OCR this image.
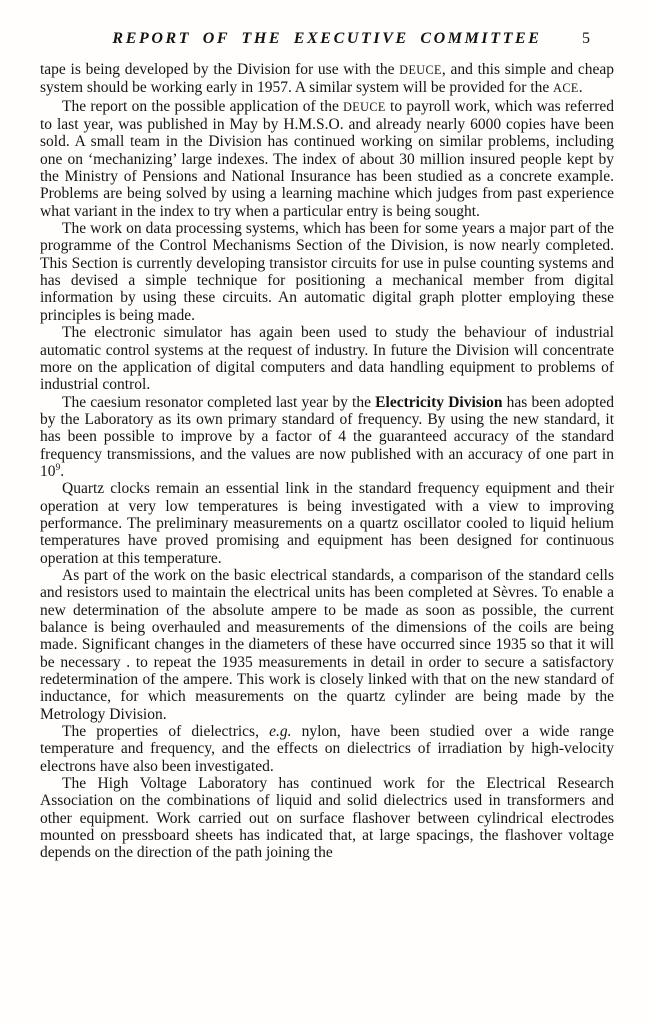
REPORT OF THE EXECUTIVE COMMITTEE	5

tape is being developed by the Division for use with the DEUCE, and this simple and cheap system should be working early in 1957. A similar system will be provided for the ACE.

The report on the possible application of the DEUCE to payroll work, which was referred to last year, was published in May by H.M.S.O. and already nearly 6000 copies have been sold. A small team in the Division has continued working on similar problems, including one on ‘mechanizing’ large indexes. The index of about 30 million insured people kept by the Ministry of Pensions and National Insurance has been studied as a concrete example. Problems are being solved by using a learning machine which judges from past experience what variant in the index to try when a particular entry is being sought.

The work on data processing systems, which has been for some years a major part of the programme of the Control Mechanisms Section of the Division, is now nearly completed. This Section is currently developing transistor circuits for use in pulse counting systems and has devised a simple technique for positioning a mechanical member from digital information by using these circuits. An automatic digital graph plotter employing these principles is being made.

The electronic simulator has again been used to study the behaviour of industrial automatic control systems at the request of industry. In future the Division will concentrate more on the application of digital computers and data handling equipment to problems of industrial control.

The caesium resonator completed last year by the Electricity Division has been adopted by the Laboratory as its own primary standard of frequency. By using the new standard, it has been possible to improve by a factor of 4 the guaranteed accuracy of the standard frequency transmissions, and the values are now published with an accuracy of one part in $10^9$.

Quartz clocks remain an essential link in the standard frequency equipment and their operation at very low temperatures is being investigated with a view to improving performance. The preliminary measurements on a quartz oscillator cooled to liquid helium temperatures have proved promising and equipment has been designed for continuous operation at this temperature.

As part of the work on the basic electrical standards, a comparison of the standard cells and resistors used to maintain the electrical units has been completed at Sèvres. To enable a new determination of the absolute ampere to be made as soon as possible, the current balance is being overhauled and measurements of the dimensions of the coils are being made. Significant changes in the diameters of these have occurred since 1935 so that it will be necessary . to repeat the 1935 measurements in detail in order to secure a satisfactory redetermination of the ampere. This work is closely linked with that on the new standard of inductance, for which measurements on the quartz cylinder are being made by the Metrology Division.

The properties of dielectrics, e.g. nylon, have been studied over a wide range temperature and frequency, and the effects on dielectrics of irradiation by high-velocity electrons have also been investigated.

The High Voltage Laboratory has continued work for the Electrical Research Association on the combinations of liquid and solid dielectrics used in transformers and other equipment. Work carried out on surface flashover between cylindrical electrodes mounted on pressboard sheets has indicated that, at large spacings, the flashover voltage depends on the direction of the path joining the
